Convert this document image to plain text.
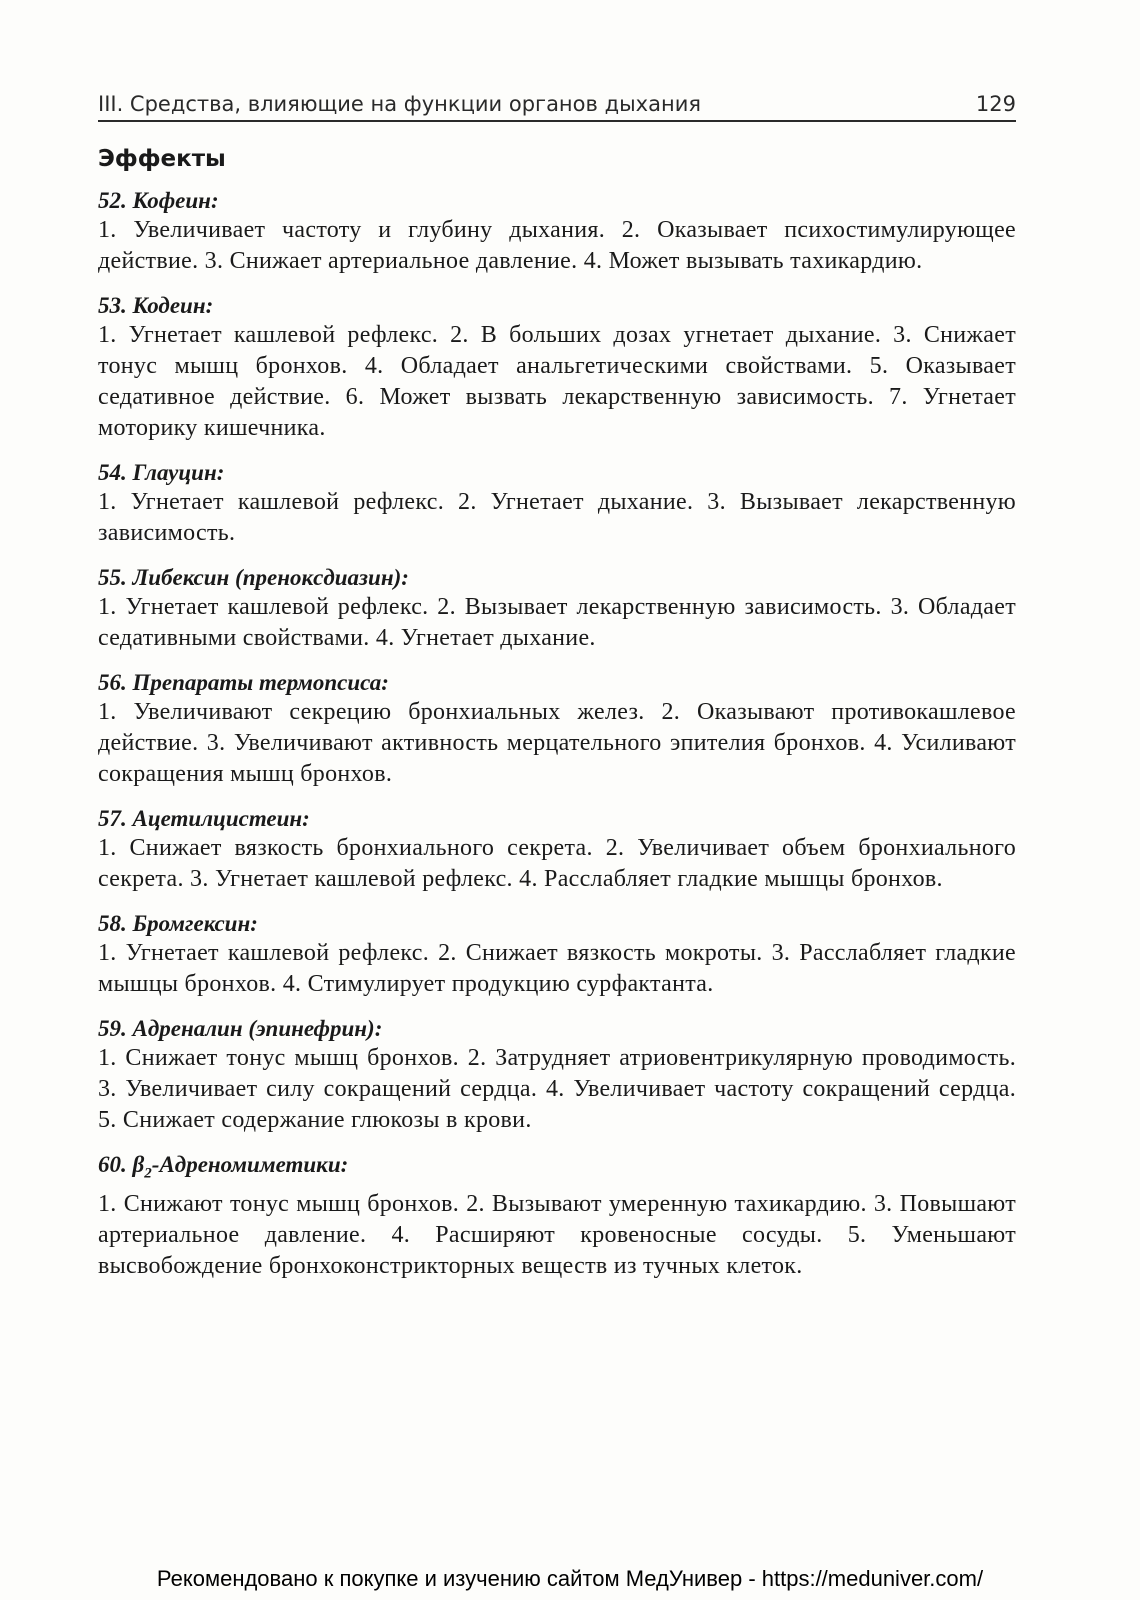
III. Средства, влияющие на функции органов дыхания	129
Эффекты
52. Кофеин:
1. Увеличивает частоту и глубину дыхания. 2. Оказывает психостимулирующее действие. 3. Снижает артериальное давление. 4. Может вызывать тахикардию.
53. Кодеин:
1. Угнетает кашлевой рефлекс. 2. В больших дозах угнетает дыхание. 3. Снижает тонус мышц бронхов. 4. Обладает анальгетическими свойствами. 5. Оказывает седативное действие. 6. Может вызвать лекарственную зависимость. 7. Угнетает моторику кишечника.
54. Глауцин:
1. Угнетает кашлевой рефлекс. 2. Угнетает дыхание. 3. Вызывает лекарственную зависимость.
55. Либексин (пренокcдиазин):
1. Угнетает кашлевой рефлекс. 2. Вызывает лекарственную зависимость. 3. Обладает седативными свойствами. 4. Угнетает дыхание.
56. Препараты термопсиса:
1. Увеличивают секрецию бронхиальных желез. 2. Оказывают противокашлевое действие. 3. Увеличивают активность мерцательного эпителия бронхов. 4. Усиливают сокращения мышц бронхов.
57. Ацетилцистеин:
1. Снижает вязкость бронхиального секрета. 2. Увеличивает объем бронхиального секрета. 3. Угнетает кашлевой рефлекс. 4. Расслабляет гладкие мышцы бронхов.
58. Бромгексин:
1. Угнетает кашлевой рефлекс. 2. Снижает вязкость мокроты. 3. Расслабляет гладкие мышцы бронхов. 4. Стимулирует продукцию сурфактанта.
59. Адреналин (эпинефрин):
1. Снижает тонус мышц бронхов. 2. Затрудняет атриовентрикулярную проводимость. 3. Увеличивает силу сокращений сердца. 4. Увеличивает частоту сокращений сердца. 5. Снижает содержание глюкозы в крови.
60. $\beta_2$-Адреномиметики:
1. Снижают тонус мышц бронхов. 2. Вызывают умеренную тахикардию. 3. Повышают артериальное давление. 4. Расширяют кровеносные сосуды. 5. Уменьшают высвобождение бронхоконстрикторных веществ из тучных клеток.
Рекомендовано к покупке и изучению сайтом МедУнивер - https://meduniver.com/
